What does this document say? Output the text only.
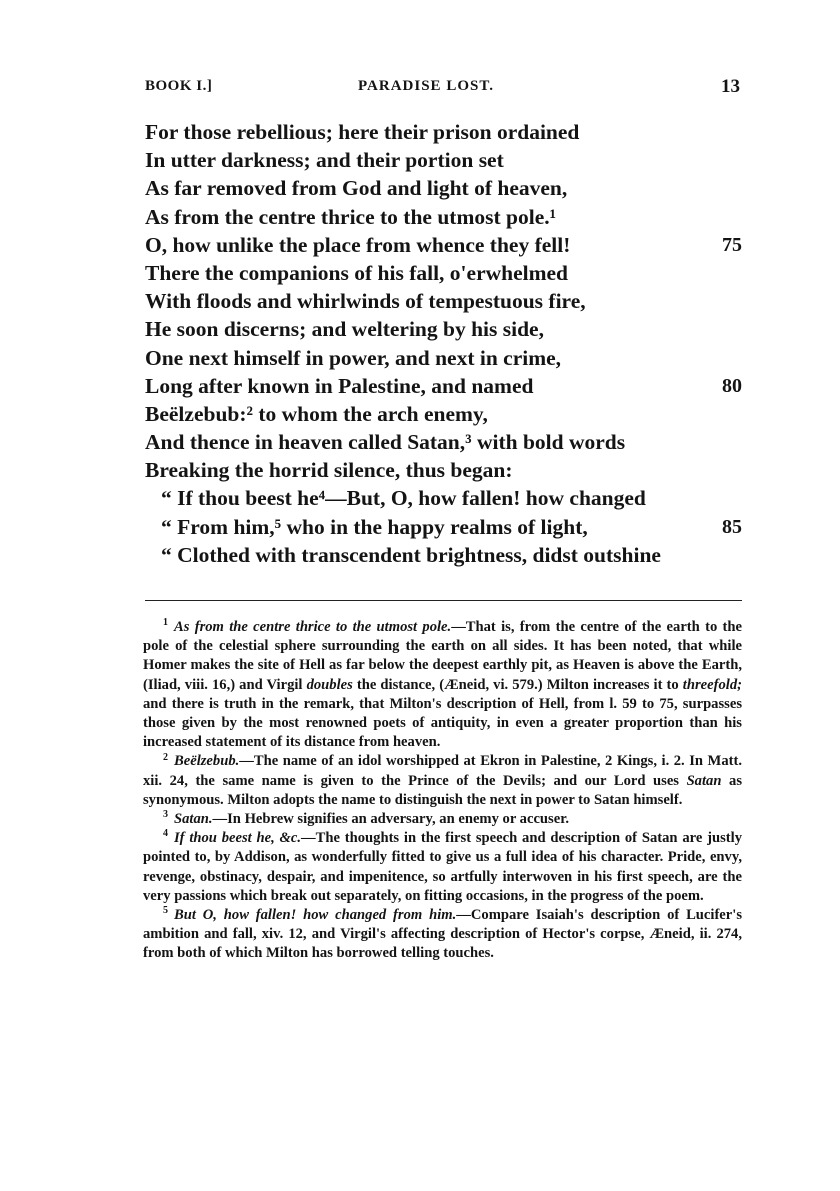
BOOK I.]	PARADISE LOST.	13
For those rebellious; here their prison ordained
In utter darkness; and their portion set
As far removed from God and light of heaven,
As from the centre thrice to the utmost pole.¹
O, how unlike the place from whence they fell!	75
There the companions of his fall, o'erwhelmed
With floods and whirlwinds of tempestuous fire,
He soon discerns; and weltering by his side,
One next himself in power, and next in crime,
Long after known in Palestine, and named	80
Beëlzebub:² to whom the arch enemy,
And thence in heaven called Satan,³ with bold words
Breaking the horrid silence, thus began:
“ If thou beest he⁴—But, O, how fallen! how changed
“ From him,⁵ who in the happy realms of light,	85
“ Clothed with transcendent brightness, didst outshine

$^1$ As from the centre thrice to the utmost pole.—That is, from the centre of the earth to the pole of the celestial sphere surrounding the earth on all sides. It has been noted, that while Homer makes the site of Hell as far below the deepest earthly pit, as Heaven is above the Earth, (Iliad, viii. 16,) and Virgil doubles the distance, (Æneid, vi. 579.) Milton increases it to threefold; and there is truth in the remark, that Milton's description of Hell, from l. 59 to 75, surpasses those given by the most renowned poets of antiquity, in even a greater proportion than his increased statement of its distance from heaven.

$^2$ Beëlzebub.—The name of an idol worshipped at Ekron in Palestine, 2 Kings, i. 2. In Matt. xii. 24, the same name is given to the Prince of the Devils; and our Lord uses Satan as synonymous. Milton adopts the name to distinguish the next in power to Satan himself.

$^3$ Satan.—In Hebrew signifies an adversary, an enemy or accuser.

$^4$ If thou beest he, &c.—The thoughts in the first speech and description of Satan are justly pointed to, by Addison, as wonderfully fitted to give us a full idea of his character. Pride, envy, revenge, obstinacy, despair, and impenitence, so artfully interwoven in his first speech, are the very passions which break out separately, on fitting occasions, in the progress of the poem.

$^5$ But O, how fallen! how changed from him.—Compare Isaiah's description of Lucifer's ambition and fall, xiv. 12, and Virgil's affecting description of Hector's corpse, Æneid, ii. 274, from both of which Milton has borrowed telling touches.
